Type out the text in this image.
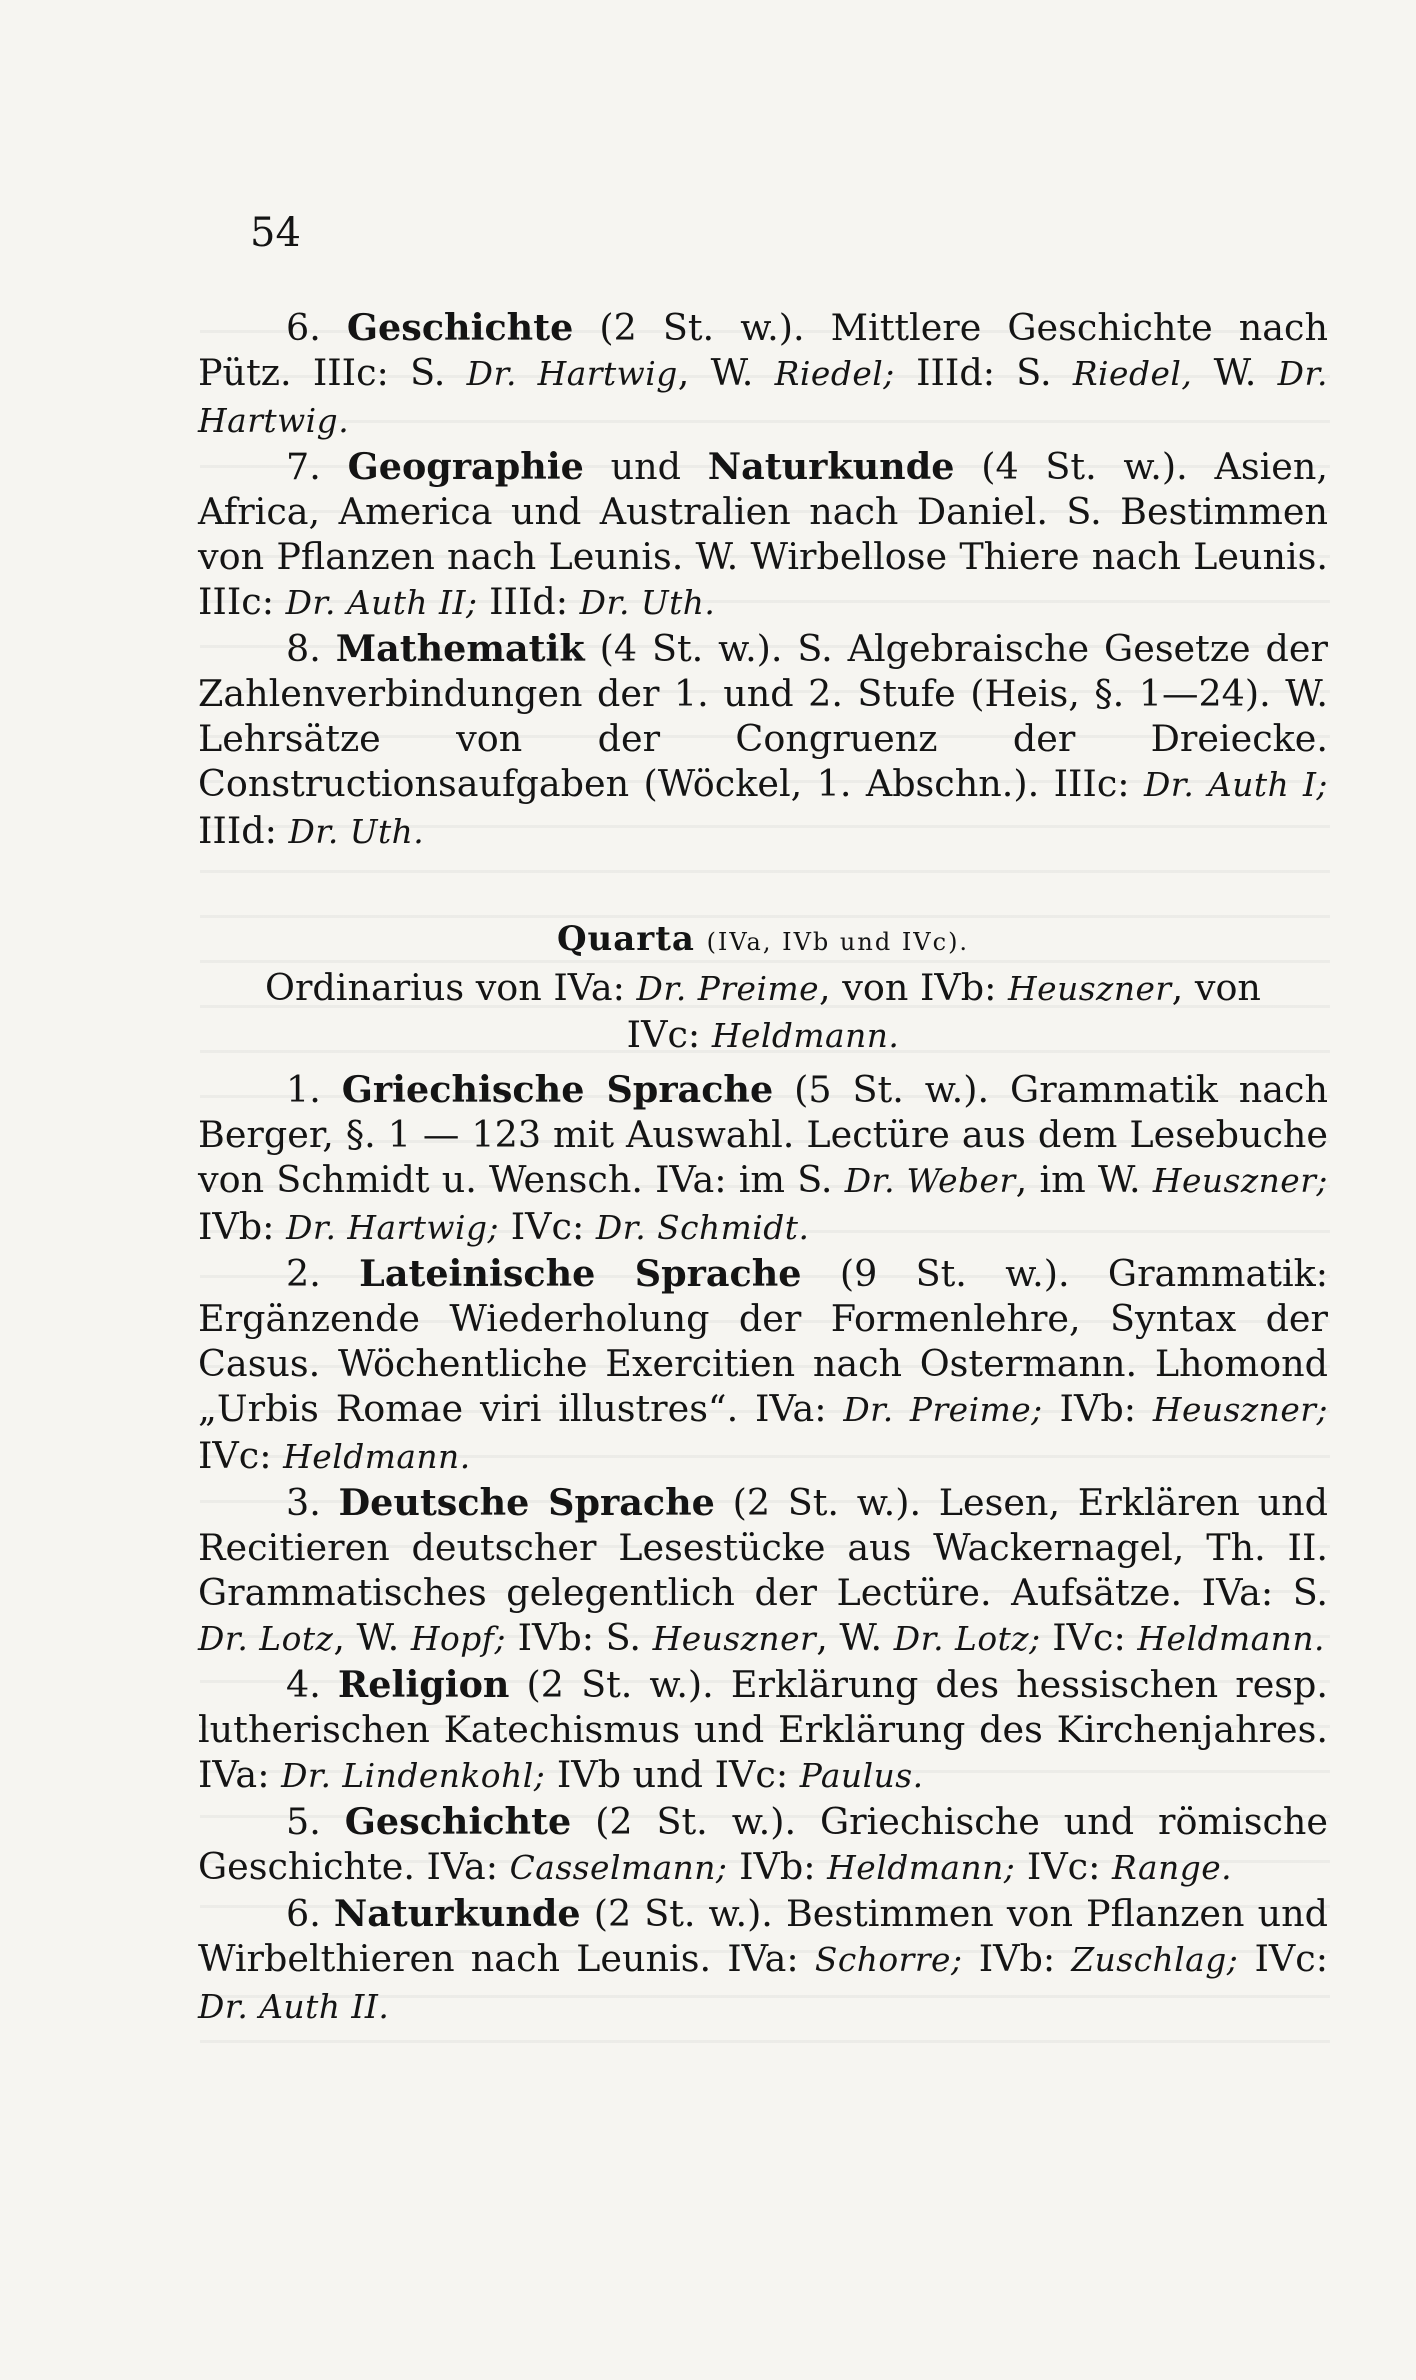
54

6. Geschichte (2 St. w.). Mittlere Geschichte nach Pütz. IIIc: S. Dr. Hartwig, W. Riedel; IIId: S. Riedel, W. Dr. Hartwig.

7. Geographie und Naturkunde (4 St. w.). Asien, Africa, America und Australien nach Daniel. S. Bestimmen von Pflanzen nach Leunis. W. Wirbellose Thiere nach Leunis. IIIc: Dr. Auth II; IIId: Dr. Uth.

8. Mathematik (4 St. w.). S. Algebraische Gesetze der Zahlenverbindungen der 1. und 2. Stufe (Heis, §. 1—24). W. Lehrsätze von der Congruenz der Dreiecke. Constructionsaufgaben (Wöckel, 1. Abschn.). IIIc: Dr. Auth I; IIId: Dr. Uth.

Quarta (IVa, IVb und IVc).

Ordinarius von IVa: Dr. Preime, von IVb: Heuszner, von
IVc: Heldmann.

1. Griechische Sprache (5 St. w.). Grammatik nach Berger, §. 1 — 123 mit Auswahl. Lectüre aus dem Lesebuche von Schmidt u. Wensch. IVa: im S. Dr. Weber, im W. Heuszner; IVb: Dr. Hartwig; IVc: Dr. Schmidt.

2. Lateinische Sprache (9 St. w.). Grammatik: Ergänzende Wiederholung der Formenlehre, Syntax der Casus. Wöchentliche Exercitien nach Ostermann. Lhomond „Urbis Romae viri illustres“. IVa: Dr. Preime; IVb: Heuszner; IVc: Heldmann.

3. Deutsche Sprache (2 St. w.). Lesen, Erklären und Recitieren deutscher Lesestücke aus Wackernagel, Th. II. Grammatisches gelegentlich der Lectüre. Aufsätze. IVa: S. Dr. Lotz, W. Hopf; IVb: S. Heuszner, W. Dr. Lotz; IVc: Heldmann.

4. Religion (2 St. w.). Erklärung des hessischen resp. lutherischen Katechismus und Erklärung des Kirchenjahres. IVa: Dr. Lindenkohl; IVb und IVc: Paulus.

5. Geschichte (2 St. w.). Griechische und römische Geschichte. IVa: Casselmann; IVb: Heldmann; IVc: Range.

6. Naturkunde (2 St. w.). Bestimmen von Pflanzen und Wirbelthieren nach Leunis. IVa: Schorre; IVb: Zuschlag; IVc: Dr. Auth II.
